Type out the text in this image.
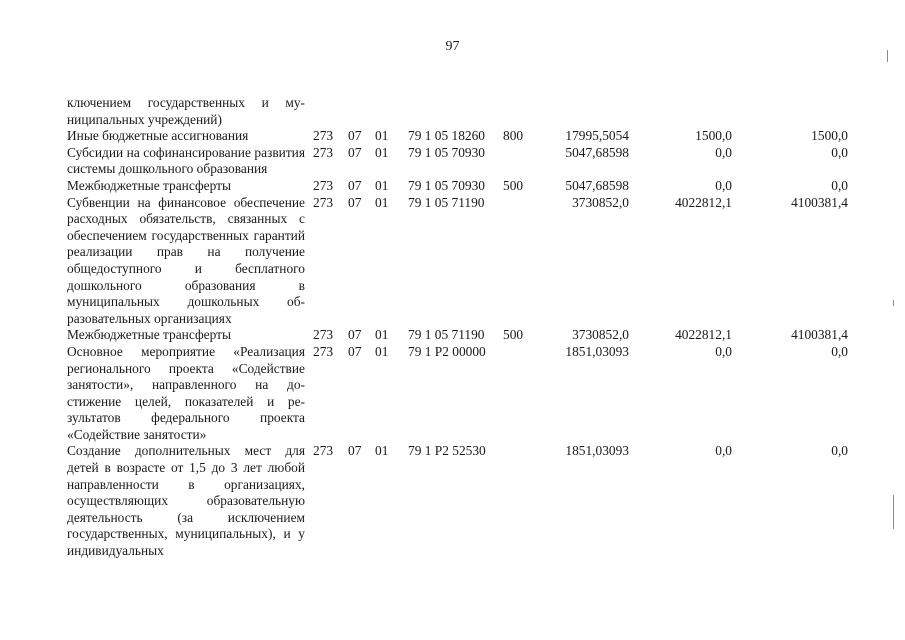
97
ключением государственных и муниципальных учреждений)									
Иные бюджетные ассигнования		273	07	01	79 1 05 18260	800	17995,5054	1500,0	1500,0
Субсидии на софинансирование развития системы дошкольного образования		273	07	01	79 1 05 70930		5047,68598	0,0	0,0
Межбюджетные трансферты		273	07	01	79 1 05 70930	500	5047,68598	0,0	0,0
Субвенции на финансовое обеспечение расходных обязательств, связанных с обеспечением государственных гарантий реализации прав на получение общедоступного и бесплатного дошкольного образования в муниципальных дошкольных образовательных организациях		273	07	01	79 1 05 71190		3730852,0	4022812,1	4100381,4
Межбюджетные трансферты		273	07	01	79 1 05 71190	500	3730852,0	4022812,1	4100381,4
Основное мероприятие «Реализация регионального проекта «Содействие занятости», направленного на достижение целей, показателей и результатов федерального проекта «Содействие занятости»		273	07	01	79 1 Р2 00000		1851,03093	0,0	0,0
Создание дополнительных мест для детей в возрасте от 1,5 до 3 лет любой направленности в организациях, осуществляющих образовательную деятельность (за исключением государственных, муниципальных), и у индивидуальных		273	07	01	79 1 Р2 52530		1851,03093	0,0	0,0
